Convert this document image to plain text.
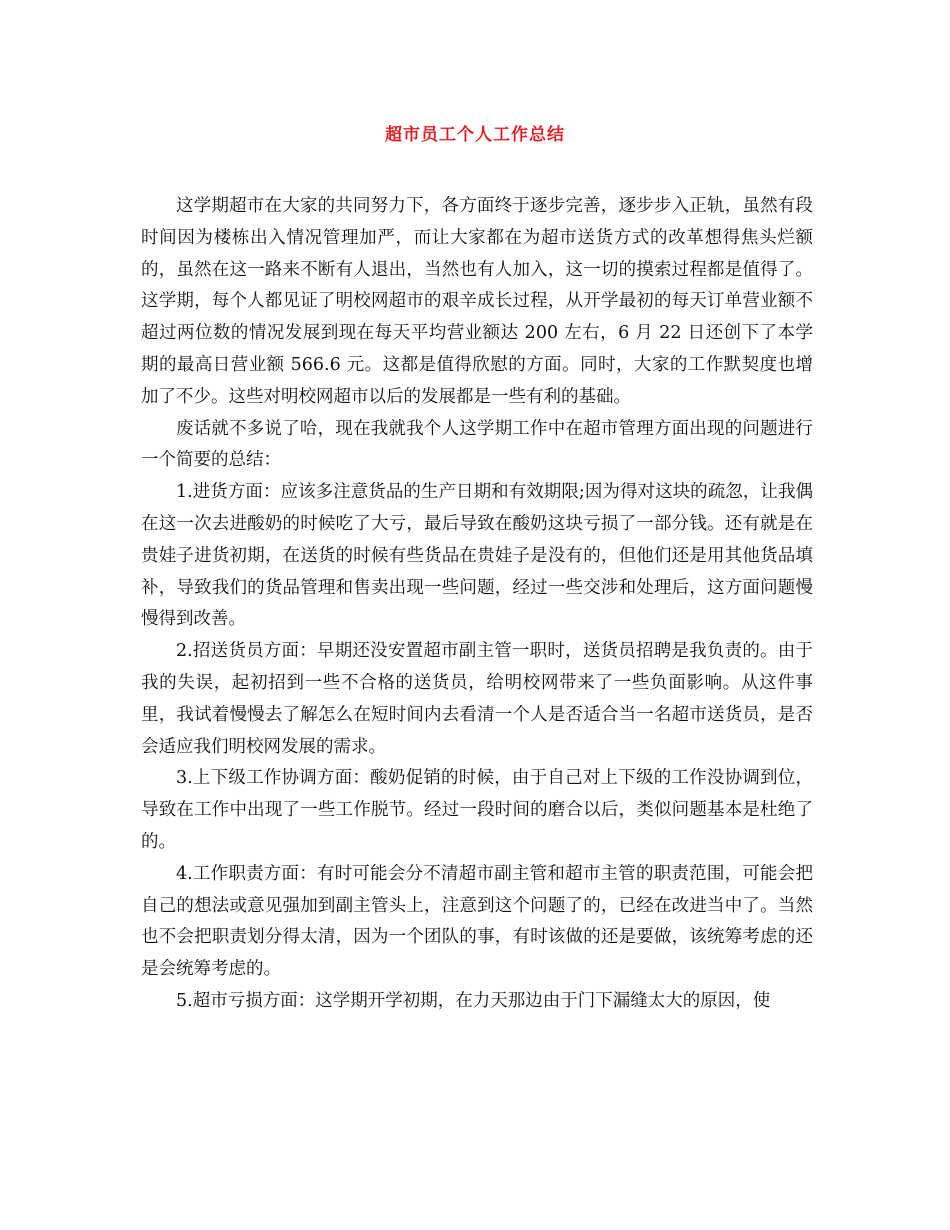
超市员工个人工作总结

这学期超市在大家的共同努力下，各方面终于逐步完善，逐步步入正轨，虽然有段时间因为楼栋出入情况管理加严，而让大家都在为超市送货方式的改革想得焦头烂额的，虽然在这一路来不断有人退出，当然也有人加入，这一切的摸索过程都是值得了。这学期，每个人都见证了明校网超市的艰辛成长过程，从开学最初的每天订单营业额不超过两位数的情况发展到现在每天平均营业额达 200 左右，6 月 22 日还创下了本学期的最高日营业额 566.6 元。这都是值得欣慰的方面。同时，大家的工作默契度也增加了不少。这些对明校网超市以后的发展都是一些有利的基础。

废话就不多说了哈，现在我就我个人这学期工作中在超市管理方面出现的问题进行一个简要的总结：

1.进货方面：应该多注意货品的生产日期和有效期限;因为得对这块的疏忽，让我偶在这一次去进酸奶的时候吃了大亏，最后导致在酸奶这块亏损了一部分钱。还有就是在贵娃子进货初期，在送货的时候有些货品在贵娃子是没有的，但他们还是用其他货品填补，导致我们的货品管理和售卖出现一些问题，经过一些交涉和处理后，这方面问题慢慢得到改善。

2.招送货员方面：早期还没安置超市副主管一职时，送货员招聘是我负责的。由于我的失误，起初招到一些不合格的送货员，给明校网带来了一些负面影响。从这件事里，我试着慢慢去了解怎么在短时间内去看清一个人是否适合当一名超市送货员，是否会适应我们明校网发展的需求。

3.上下级工作协调方面：酸奶促销的时候，由于自己对上下级的工作没协调到位，导致在工作中出现了一些工作脱节。经过一段时间的磨合以后，类似问题基本是杜绝了的。

4.工作职责方面：有时可能会分不清超市副主管和超市主管的职责范围，可能会把自己的想法或意见强加到副主管头上，注意到这个问题了的，已经在改进当中了。当然也不会把职责划分得太清，因为一个团队的事，有时该做的还是要做，该统筹考虑的还是会统筹考虑的。

5.超市亏损方面：这学期开学初期，在力天那边由于门下漏缝太大的原因，使
